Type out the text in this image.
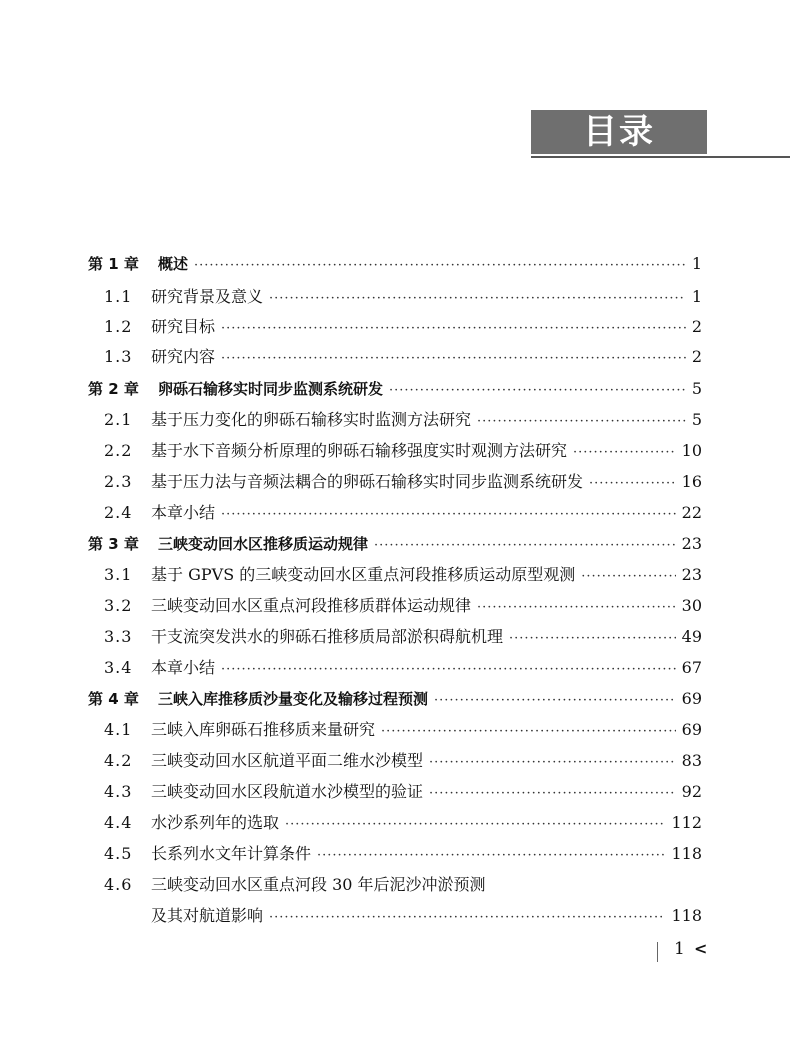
目录
第 1 章	概述 ·····	1
1.1	研究背景及意义 ·····	1
1.2	研究目标 ·····	2
1.3	研究内容 ·····	2
第 2 章	卵砾石输移实时同步监测系统研发 ·····	5
2.1	基于压力变化的卵砾石输移实时监测方法研究 ·····	5
2.2	基于水下音频分析原理的卵砾石输移强度实时观测方法研究 ·····	10
2.3	基于压力法与音频法耦合的卵砾石输移实时同步监测系统研发 ·····	16
2.4	本章小结 ·····	22
第 3 章	三峡变动回水区推移质运动规律 ·····	23
3.1	基于 GPVS 的三峡变动回水区重点河段推移质运动原型观测 ·····	23
3.2	三峡变动回水区重点河段推移质群体运动规律 ·····	30
3.3	干支流突发洪水的卵砾石推移质局部淤积碍航机理 ·····	49
3.4	本章小结 ·····	67
第 4 章	三峡入库推移质沙量变化及输移过程预测 ·····	69
4.1	三峡入库卵砾石推移质来量研究 ·····	69
4.2	三峡变动回水区航道平面二维水沙模型 ·····	83
4.3	三峡变动回水区段航道水沙模型的验证 ·····	92
4.4	水沙系列年的选取 ·····	112
4.5	长系列水文年计算条件 ·····	118
4.6	三峡变动回水区重点河段 30 年后泥沙冲淤预测
及其对航道影响 ·····	118
1 <
